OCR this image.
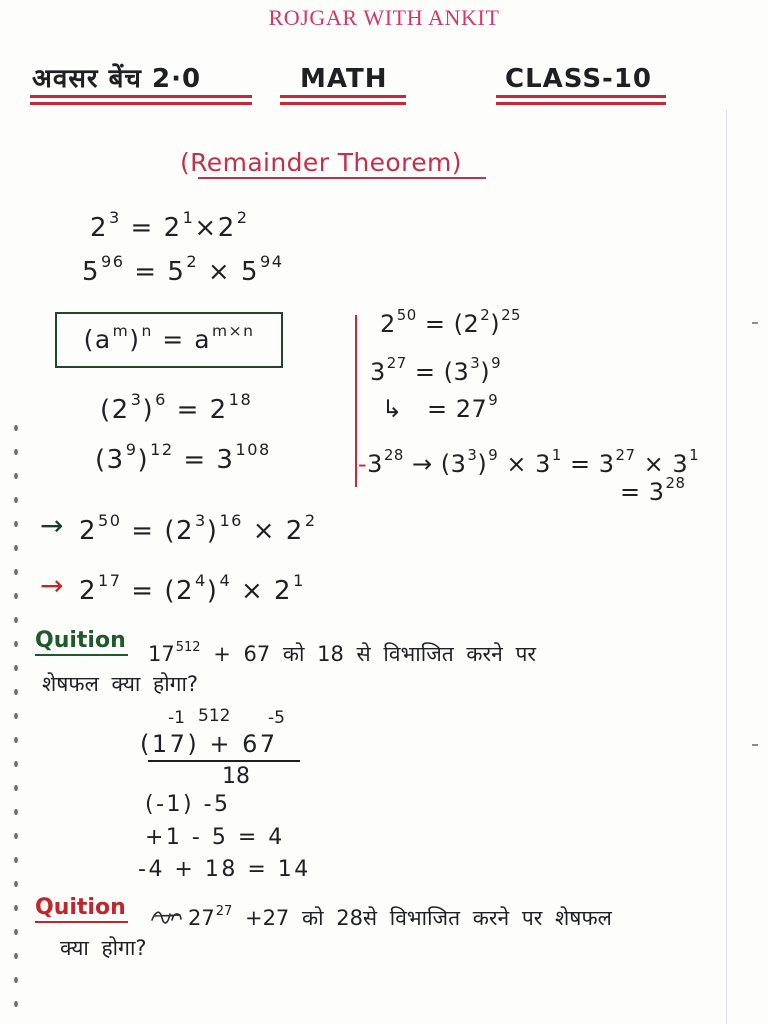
ROJGAR WITH ANKIT
अवसर बेंच 2·0	MATH	CLASS-10
(Remainder Theorem)
$2^3 = 2^1\times 2^2$
$5^{96} = 5^2 \times 5^{94}$
$(a^m)^n = a^{m\times n}$
$(2^3)^6 = 2^{18}$
$(3^9)^{12} = 3^{108}$
$2^{50} = (2^2)^{25}$
$3^{27} = (3^3)^9$
↳   = $27^9$
$-3^{28} \to (3^3)^9 \times 3^1 = 3^{27} \times 3^1$
= $3^{28}$
→ $2^{50} = (2^3)^{16} \times 2^2$
→ $2^{17} = (2^4)^4 \times 2^1$
Quition
$17^{512} + 67$ को 18 से विभाजित करने पर
शेषफल क्या होगा?
-1 512 -5
(17) + 67
18
(-1) -5
+1 - 5 = 4
-4 + 18 = 14
Quition	$27^{27} +27$ को 28से विभाजित करने पर शेषफल
क्या होगा?
